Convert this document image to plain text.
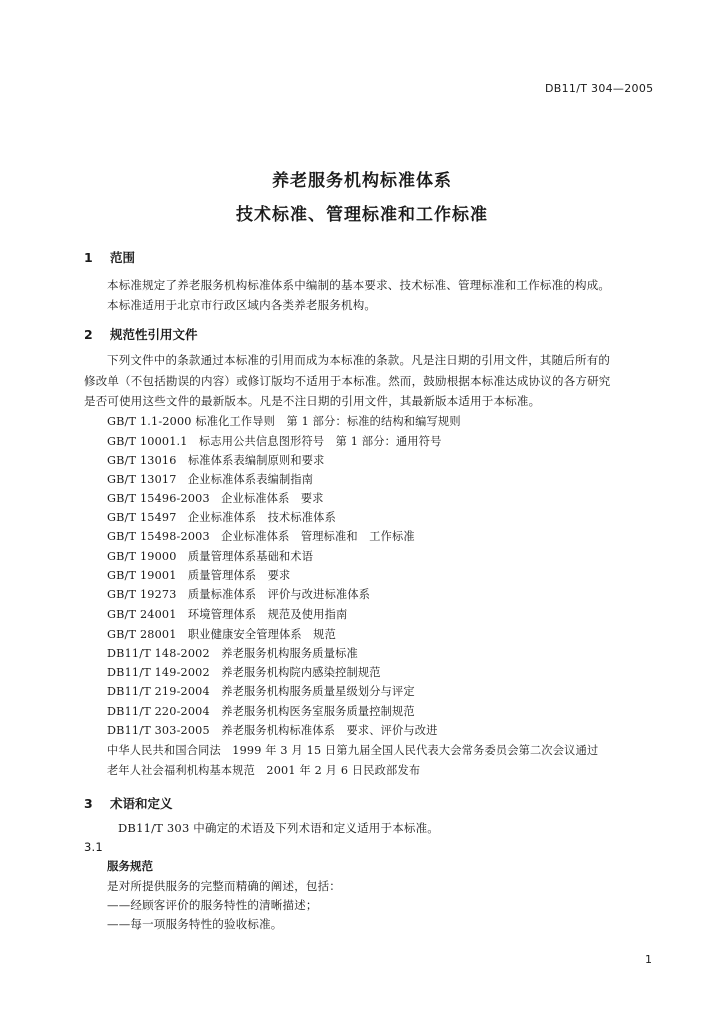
DB11/T 304—2005
养老服务机构标准体系
技术标准、管理标准和工作标准
1 范围
本标准规定了养老服务机构标准体系中编制的基本要求、技术标准、管理标准和工作标准的构成。
本标准适用于北京市行政区域内各类养老服务机构。
2 规范性引用文件
下列文件中的条款通过本标准的引用而成为本标准的条款。凡是注日期的引用文件，其随后所有的
修改单（不包括勘误的内容）或修订版均不适用于本标准。然而，鼓励根据本标准达成协议的各方研究
是否可使用这些文件的最新版本。凡是不注日期的引用文件，其最新版本适用于本标准。
GB/T 1.1-2000 标准化工作导则　第 1 部分：标准的结构和编写规则
GB/T 10001.1　标志用公共信息图形符号　第 1 部分：通用符号
GB/T 13016　标准体系表编制原则和要求
GB/T 13017　企业标准体系表编制指南
GB/T 15496-2003　企业标准体系　要求
GB/T 15497　企业标准体系　技术标准体系
GB/T 15498-2003　企业标准体系　管理标准和　工作标准
GB/T 19000　质量管理体系基础和术语
GB/T 19001　质量管理体系　要求
GB/T 19273　质量标准体系　评价与改进标准体系
GB/T 24001　环境管理体系　规范及使用指南
GB/T 28001　职业健康安全管理体系　规范
DB11/T 148-2002　养老服务机构服务质量标准
DB11/T 149-2002　养老服务机构院内感染控制规范
DB11/T 219-2004　养老服务机构服务质量星级划分与评定
DB11/T 220-2004　养老服务机构医务室服务质量控制规范
DB11/T 303-2005　养老服务机构标准体系　要求、评价与改进
中华人民共和国合同法　1999 年 3 月 15 日第九届全国人民代表大会常务委员会第二次会议通过
老年人社会福利机构基本规范　2001 年 2 月 6 日民政部发布
3 术语和定义
DB11/T 303 中确定的术语及下列术语和定义适用于本标准。
3.1
服务规范
是对所提供服务的完整而精确的阐述，包括：
——经顾客评价的服务特性的清晰描述；
——每一项服务特性的验收标准。
1
